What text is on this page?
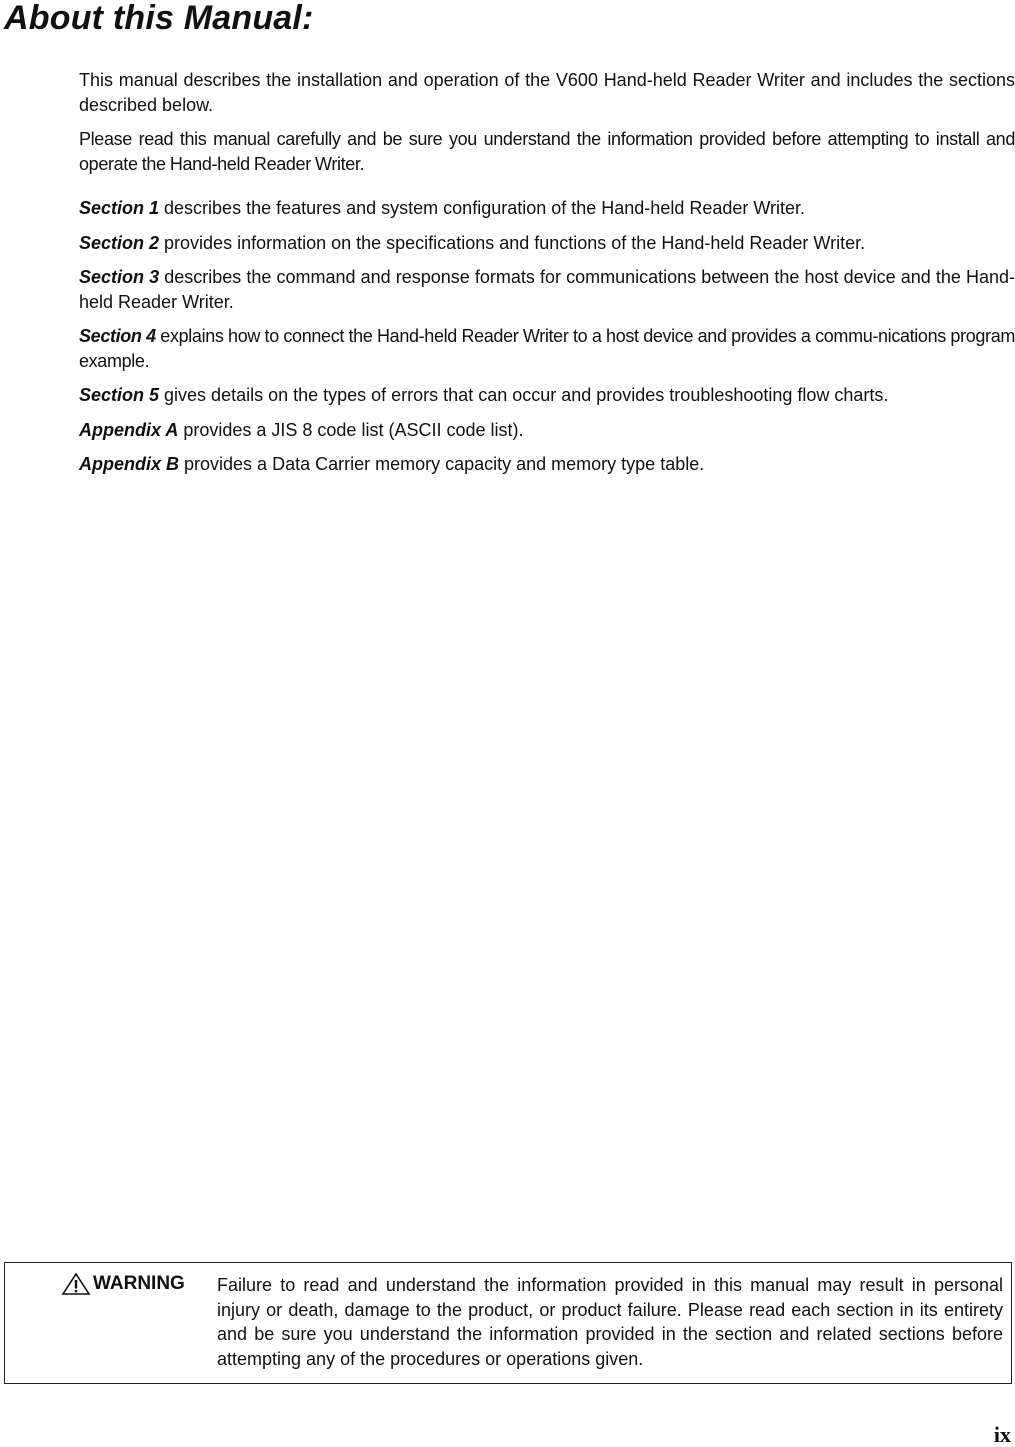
About this Manual:

This manual describes the installation and operation of the V600 Hand-held Reader Writer and includes the sections described below.

Please read this manual carefully and be sure you understand the information provided before attempting to install and operate the Hand-held Reader Writer.

Section 1 describes the features and system configuration of the Hand-held Reader Writer.

Section 2 provides information on the specifications and functions of the Hand-held Reader Writer.

Section 3 describes the command and response formats for communications between the host device and the Hand-held Reader Writer.

Section 4 explains how to connect the Hand-held Reader Writer to a host device and provides a commu-nications program example.

Section 5 gives details on the types of errors that can occur and provides troubleshooting flow charts.

Appendix A provides a JIS 8 code list (ASCII code list).

Appendix B provides a Data Carrier memory capacity and memory type table.

WARNING Failure to read and understand the information provided in this manual may result in personal injury or death, damage to the product, or product failure. Please read each section in its entirety and be sure you understand the information provided in the section and related sections before attempting any of the procedures or operations given.

ix
